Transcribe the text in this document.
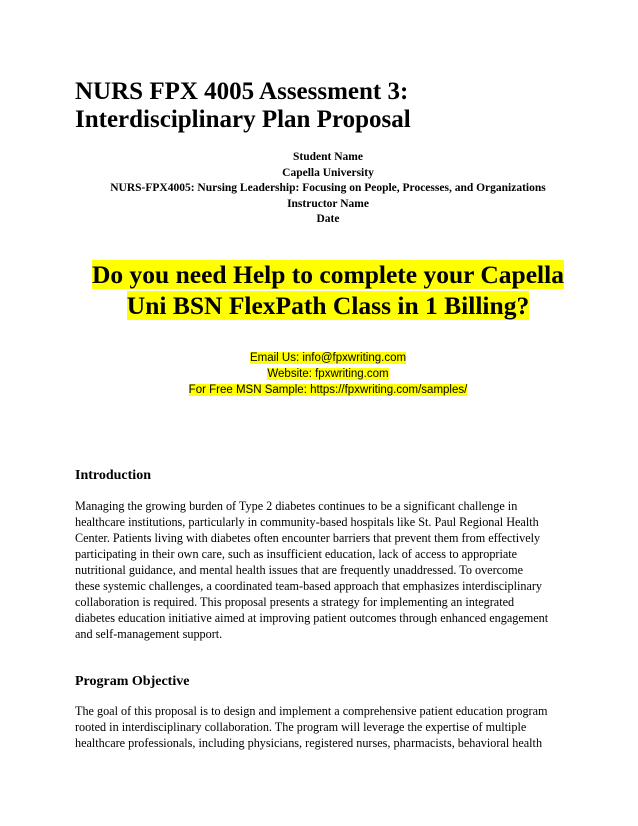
NURS FPX 4005 Assessment 3:
Interdisciplinary Plan Proposal
Student Name
Capella University
NURS-FPX4005: Nursing Leadership: Focusing on People, Processes, and Organizations
Instructor Name
Date
Do you need Help to complete your Capella
Uni BSN FlexPath Class in 1 Billing?
Email Us: info@fpxwriting.com
Website: fpxwriting.com
For Free MSN Sample: https://fpxwriting.com/samples/
Introduction

Managing the growing burden of Type 2 diabetes continues to be a significant challenge in
healthcare institutions, particularly in community-based hospitals like St. Paul Regional Health
Center. Patients living with diabetes often encounter barriers that prevent them from effectively
participating in their own care, such as insufficient education, lack of access to appropriate
nutritional guidance, and mental health issues that are frequently unaddressed. To overcome
these systemic challenges, a coordinated team-based approach that emphasizes interdisciplinary
collaboration is required. This proposal presents a strategy for implementing an integrated
diabetes education initiative aimed at improving patient outcomes through enhanced engagement
and self-management support.

Program Objective

The goal of this proposal is to design and implement a comprehensive patient education program
rooted in interdisciplinary collaboration. The program will leverage the expertise of multiple
healthcare professionals, including physicians, registered nurses, pharmacists, behavioral health
